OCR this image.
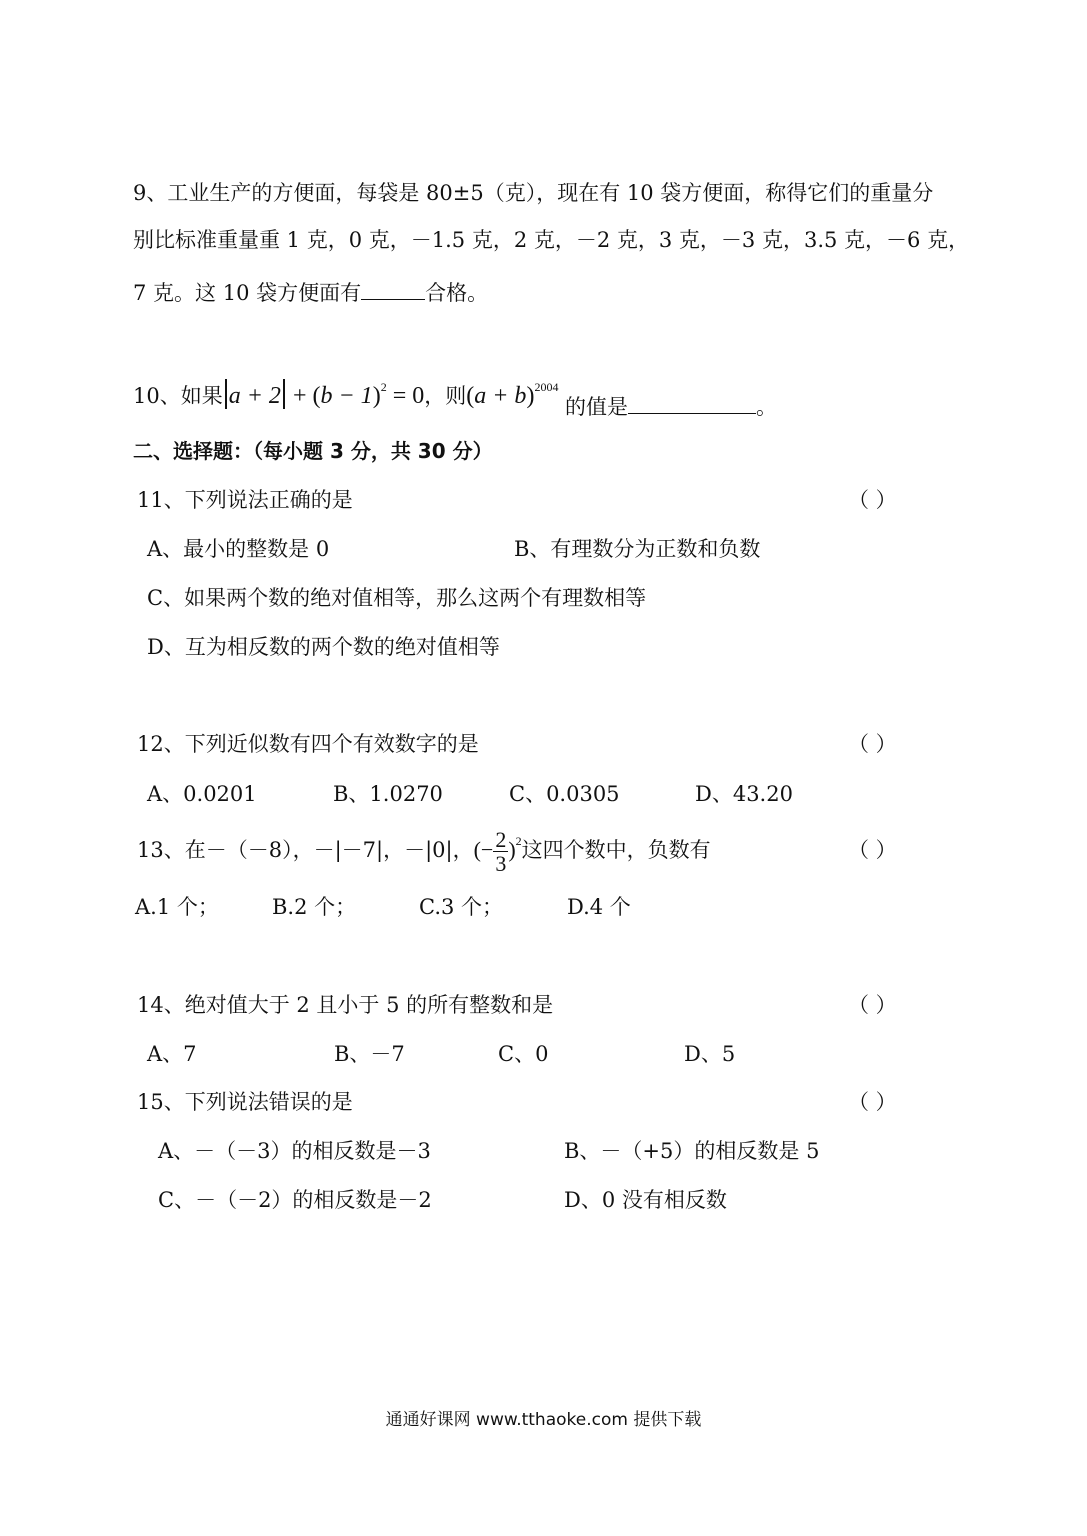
9、工业生产的方便面，每袋是 80±5（克），现在有 10 袋方便面，称得它们的重量分
别比标准重量重 1 克，0 克，－1.5 克，2 克，－2 克，3 克，－3 克，3.5 克，－6 克，
7 克。这 10 袋方便面有	合格。
10、如果 $a + 2 + (b - 1)^2 = 0$，则$(a + b)^{2004}$
的值是	。
二、选择题：（每小题 3 分，共 30 分）
11、下列说法正确的是	（ ）
A、最小的整数是 0	B、有理数分为正数和负数
C、如果两个数的绝对值相等，那么这两个有理数相等
D、互为相反数的两个数的绝对值相等
12、下列近似数有四个有效数字的是	（ ）
A、0.0201	B、1.0270	C、0.0305	D、43.20
13、在－（－8），－|－7|，－|0|，(− $\frac{2}{3} )^2$这四个数中，负数有	（ ）
A.1 个；	B.2 个；	C.3 个；	D.4 个
14、绝对值大于 2 且小于 5 的所有整数和是	（ ）
A、7	B、－7	C、0	D、5
15、下列说法错误的是	（ ）
A、－（－3）的相反数是－3	B、－（+5）的相反数是 5
C、－（－2）的相反数是－2	D、0 没有相反数
通通好课网 www.tthaoke.com 提供下载
